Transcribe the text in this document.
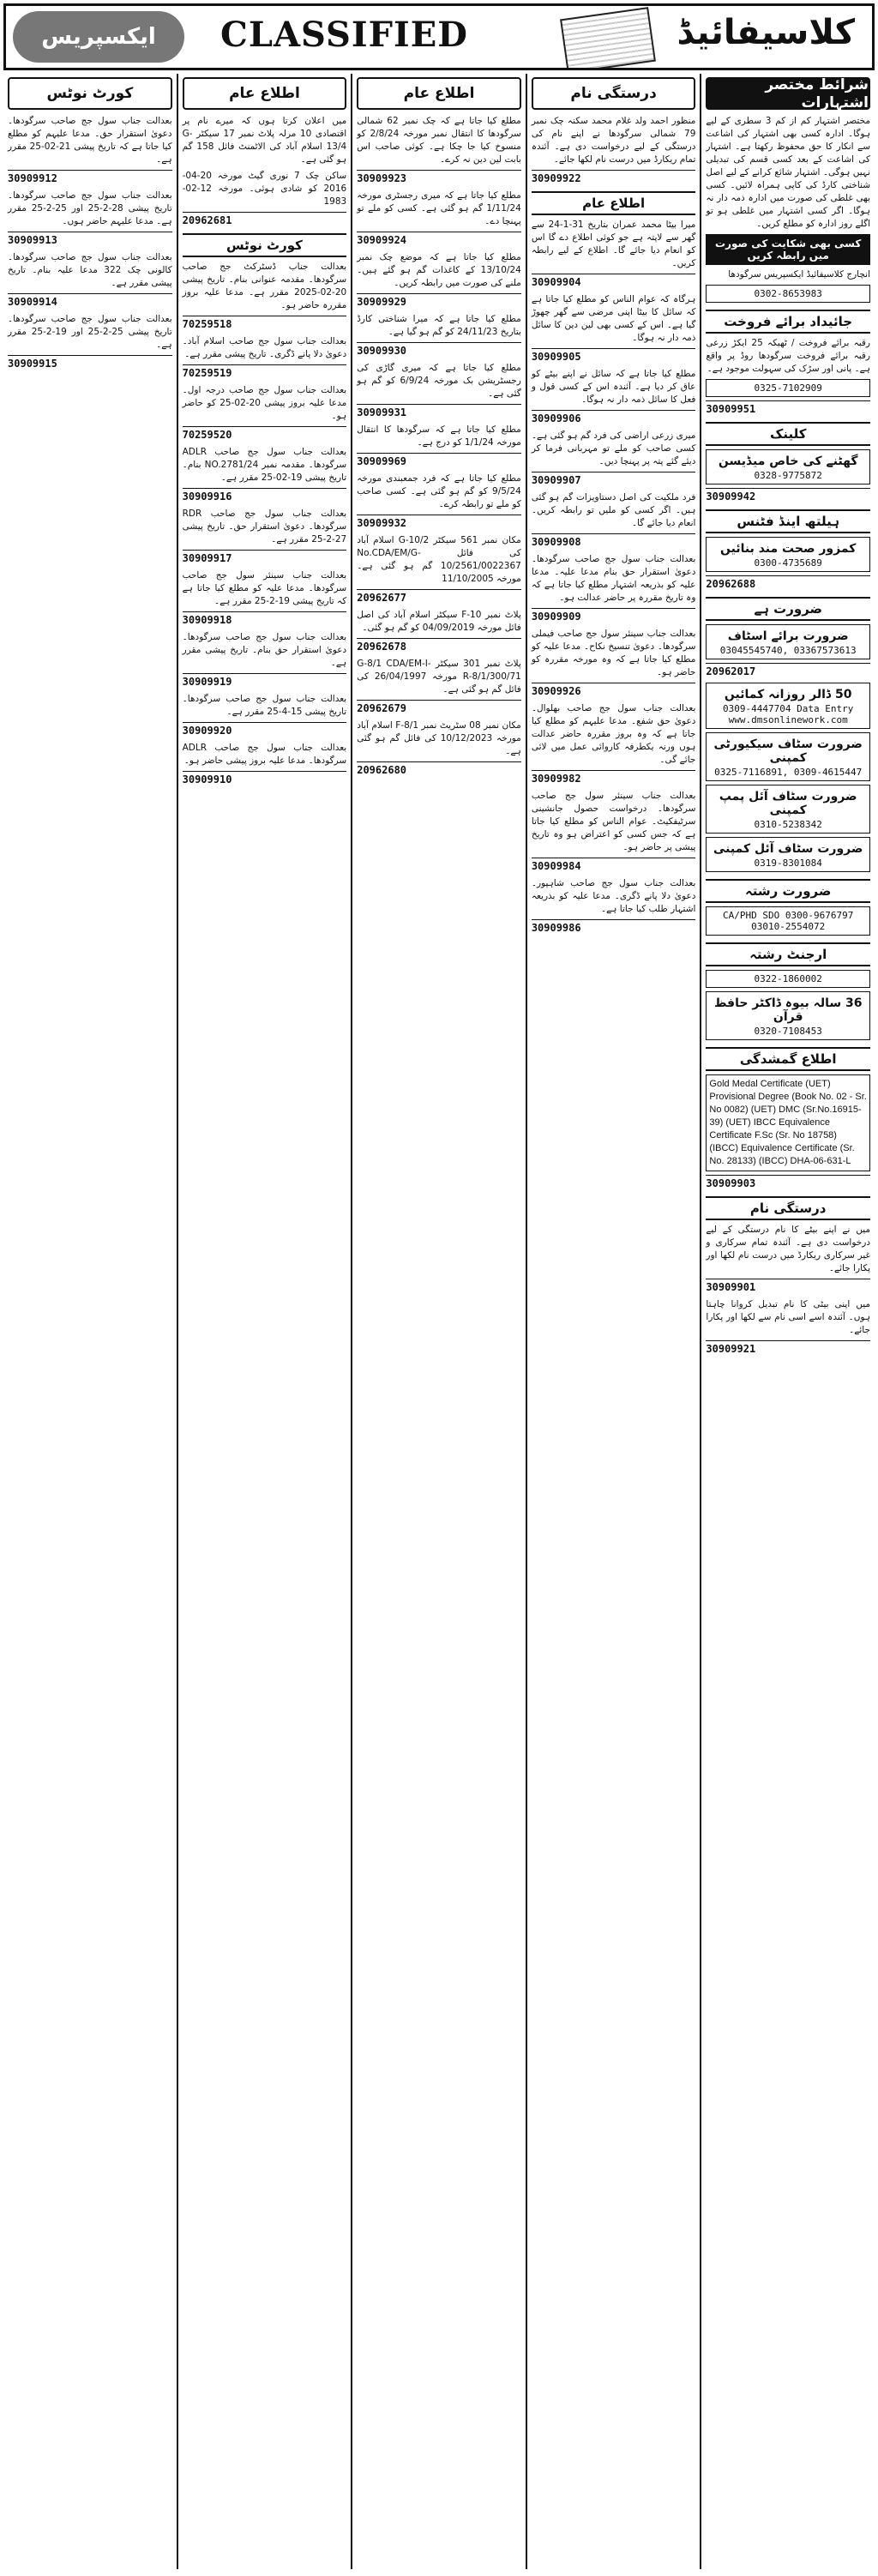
ایکسپریس	CLASSIFIED	کلاسیفائیڈ
شرائط مختصر اشتہارات
مختصر اشتہار کم از کم 3 سطری کے لیے ہوگا۔ ادارہ کسی بھی اشتہار کی اشاعت سے انکار کا حق محفوظ رکھتا ہے۔ اشتہار کی اشاعت کے بعد کسی قسم کی تبدیلی نہیں ہوگی۔ اشتہار شائع کرانے کے لیے اصل شناختی کارڈ کی کاپی ہمراہ لائیں۔ کسی بھی غلطی کی صورت میں ادارہ ذمہ دار نہ ہوگا۔ اگر کسی اشتہار میں غلطی ہو تو اگلے روز ادارہ کو مطلع کریں۔
کسی بھی شکایت کی صورت میں رابطہ کریں
انچارج کلاسیفائیڈ ایکسپریس سرگودھا
0302-8653983
جائیداد برائے فروخت
رقبہ برائے فروخت / ٹھیکہ 25 ایکڑ زرعی رقبہ برائے فروخت سرگودھا روڈ پر واقع ہے۔ پانی اور سڑک کی سہولت موجود ہے۔
0325-7102909
30909951
کلینک
گھٹنے کی خاص میڈیسن
0328-9775872
30909942
ہیلتھ اینڈ فٹنس
کمزور صحت مند بنائیں
0300-4735689
20962688
ضرورت ہے
ضرورت برائے اسٹاف
03045545740, 03367573613
20962017
50 ڈالر روزانہ کمائیں
0309-4447704 Data Entry www.dmsonlinework.com
ضرورت سٹاف سیکیورٹی کمپنی
0325-7116891, 0309-4615447
ضرورت سٹاف آئل پمپ کمپنی
0310-5238342
ضرورت سٹاف آئل کمپنی
0319-8301084
ضرورت رشتہ
CA/PHD SDO 0300-9676797 03010-2554072
ارجنٹ رشتہ
0322-1860002
36 سالہ بیوہ ڈاکٹر حافظ قرآن
0320-7108453
اطلاع گمشدگی
Gold Medal Certificate (UET) Provisional Degree (Book No. 02 - Sr. No 0082) (UET) DMC (Sr.No.16915-39) (UET) IBCC Equivalence Certificate F.Sc (Sr. No 18758) (IBCC) Equivalence Certificate (Sr. No. 28133) (IBCC) DHA-06-631-L
30909903
درستگی نام
میں نے اپنے بیٹے کا نام درستگی کے لیے درخواست دی ہے۔ آئندہ تمام سرکاری و غیر سرکاری ریکارڈ میں درست نام لکھا اور پکارا جائے۔
30909901
میں اپنی بیٹی کا نام تبدیل کروانا چاہتا ہوں۔ آئندہ اسے اسی نام سے لکھا اور پکارا جائے۔
30909921
درستگی نام
منظور احمد ولد غلام محمد سکنہ چک نمبر 79 شمالی سرگودھا نے اپنے نام کی درستگی کے لیے درخواست دی ہے۔ آئندہ تمام ریکارڈ میں درست نام لکھا جائے۔
30909922
اطلاع عام
میرا بیٹا محمد عمران بتاریخ 31-1-24 سے گھر سے لاپتہ ہے جو کوئی اطلاع دے گا اس کو انعام دیا جائے گا۔ اطلاع کے لیے رابطہ کریں۔
30909904
ہرگاہ کہ عوام الناس کو مطلع کیا جاتا ہے کہ سائل کا بیٹا اپنی مرضی سے گھر چھوڑ گیا ہے۔ اس کے کسی بھی لین دین کا سائل ذمہ دار نہ ہوگا۔
30909905
مطلع کیا جاتا ہے کہ سائل نے اپنے بیٹے کو عاق کر دیا ہے۔ آئندہ اس کے کسی قول و فعل کا سائل ذمہ دار نہ ہوگا۔
30909906
میری زرعی اراضی کی فرد گم ہو گئی ہے۔ کسی صاحب کو ملے تو مہربانی فرما کر دیئے گئے پتہ پر پہنچا دیں۔
30909907
فرد ملکیت کی اصل دستاویزات گم ہو گئی ہیں۔ اگر کسی کو ملیں تو رابطہ کریں۔ انعام دیا جائے گا۔
30909908
بعدالت جناب سول جج صاحب سرگودھا۔ دعویٰ استقرار حق بنام مدعا علیہ۔ مدعا علیہ کو بذریعہ اشتہار مطلع کیا جاتا ہے کہ وہ تاریخ مقررہ پر حاضر عدالت ہو۔
30909909
بعدالت جناب سینئر سول جج صاحب فیملی سرگودھا۔ دعویٰ تنسیخ نکاح۔ مدعا علیہ کو مطلع کیا جاتا ہے کہ وہ مورخہ مقررہ کو حاضر ہو۔
30909926
بعدالت جناب سول جج صاحب بھلوال۔ دعویٰ حق شفع۔ مدعا علیہم کو مطلع کیا جاتا ہے کہ وہ بروز مقررہ حاضر عدالت ہوں ورنہ یکطرفہ کاروائی عمل میں لائی جائے گی۔
30909982
بعدالت جناب سینئر سول جج صاحب سرگودھا۔ درخواست حصول جانشینی سرٹیفکیٹ۔ عوام الناس کو مطلع کیا جاتا ہے کہ جس کسی کو اعتراض ہو وہ تاریخ پیشی پر حاضر ہو۔
30909984
بعدالت جناب سول جج صاحب شاہپور۔ دعویٰ دلا پانے ڈگری۔ مدعا علیہ کو بذریعہ اشتہار طلب کیا جاتا ہے۔
30909986
اطلاع عام
مطلع کیا جاتا ہے کہ چک نمبر 62 شمالی سرگودھا کا انتقال نمبر مورخہ 2/8/24 کو منسوخ کیا جا چکا ہے۔ کوئی صاحب اس بابت لین دین نہ کرے۔
30909923
مطلع کیا جاتا ہے کہ میری رجسٹری مورخہ 1/11/24 گم ہو گئی ہے۔ کسی کو ملے تو پہنچا دے۔
30909924
مطلع کیا جاتا ہے کہ موضع چک نمبر 13/10/24 کے کاغذات گم ہو گئے ہیں۔ ملنے کی صورت میں رابطہ کریں۔
30909929
مطلع کیا جاتا ہے کہ میرا شناختی کارڈ بتاریخ 24/11/23 کو گم ہو گیا ہے۔
30909930
مطلع کیا جاتا ہے کہ میری گاڑی کی رجسٹریشن بک مورخہ 6/9/24 کو گم ہو گئی ہے۔
30909931
مطلع کیا جاتا ہے کہ سرگودھا کا انتقال مورخہ 1/1/24 کو درج ہے۔
30909969
مطلع کیا جاتا ہے کہ فرد جمعبندی مورخہ 9/5/24 کو گم ہو گئی ہے۔ کسی صاحب کو ملے تو رابطہ کرے۔
30909932
مکان نمبر 561 سیکٹر G-10/2 اسلام آباد کی فائل No.CDA/EM/G-10/2561/0022367 گم ہو گئی ہے۔ مورخہ 11/10/2005
20962677
پلاٹ نمبر F-10 سیکٹر اسلام آباد کی اصل فائل مورخہ 04/09/2019 کو گم ہو گئی۔
20962678
پلاٹ نمبر 301 سیکٹر G-8/1 CDA/EM-I-R-8/1/300/71 مورخہ 26/04/1997 کی فائل گم ہو گئی ہے۔
20962679
مکان نمبر 08 سٹریٹ نمبر F-8/1 اسلام آباد مورخہ 10/12/2023 کی فائل گم ہو گئی ہے۔
20962680
اطلاع عام
میں اعلان کرتا ہوں کہ میرے نام پر اقتصادی 10 مرلہ پلاٹ نمبر 17 سیکٹر G-13/4 اسلام آباد کی الاٹمنٹ فائل 158 گم ہو گئی ہے۔
ساکن چک 7 نوری گیٹ مورخہ 20-04-2016 کو شادی ہوئی۔ مورخہ 12-02-1983
20962681
کورٹ نوٹس
بعدالت جناب ڈسٹرکٹ جج صاحب سرگودھا۔ مقدمہ عنوانی بنام۔ تاریخ پیشی 20-02-2025 مقرر ہے۔ مدعا علیہ بروز مقررہ حاضر ہو۔
70259518
بعدالت جناب سول جج صاحب اسلام آباد۔ دعویٰ دلا پانے ڈگری۔ تاریخ پیشی مقرر ہے۔
70259519
بعدالت جناب سول جج صاحب درجہ اول۔ مدعا علیہ بروز پیشی 20-02-25 کو حاضر ہو۔
70259520
بعدالت جناب سول جج صاحب ADLR سرگودھا۔ مقدمہ نمبر NO.2781/24 بنام۔ تاریخ پیشی 19-02-25 مقرر ہے۔
30909916
بعدالت جناب سول جج صاحب RDR سرگودھا۔ دعویٰ استقرار حق۔ تاریخ پیشی 27-2-25 مقرر ہے۔
30909917
بعدالت جناب سینئر سول جج صاحب سرگودھا۔ مدعا علیہ کو مطلع کیا جاتا ہے کہ تاریخ پیشی 19-2-25 مقرر ہے۔
30909918
بعدالت جناب سول جج صاحب سرگودھا۔ دعویٰ استقرار حق بنام۔ تاریخ پیشی مقرر ہے۔
30909919
بعدالت جناب سول جج صاحب سرگودھا۔ تاریخ پیشی 15-4-25 مقرر ہے۔
30909920
بعدالت جناب سول جج صاحب ADLR سرگودھا۔ مدعا علیہ بروز پیشی حاضر ہو۔
30909910
کورٹ نوٹس
بعدالت جناب سول جج صاحب سرگودھا۔ دعویٰ استقرار حق۔ مدعا علیہم کو مطلع کیا جاتا ہے کہ تاریخ پیشی 21-02-25 مقرر ہے۔
30909912
بعدالت جناب سول جج صاحب سرگودھا۔ تاریخ پیشی 28-2-25 اور 25-2-25 مقرر ہے۔ مدعا علیہم حاضر ہوں۔
30909913
بعدالت جناب سول جج صاحب سرگودھا۔ کالونی چک 322 مدعا علیہ بنام۔ تاریخ پیشی مقرر ہے۔
30909914
بعدالت جناب سول جج صاحب سرگودھا۔ تاریخ پیشی 25-2-25 اور 19-2-25 مقرر ہے۔
30909915
